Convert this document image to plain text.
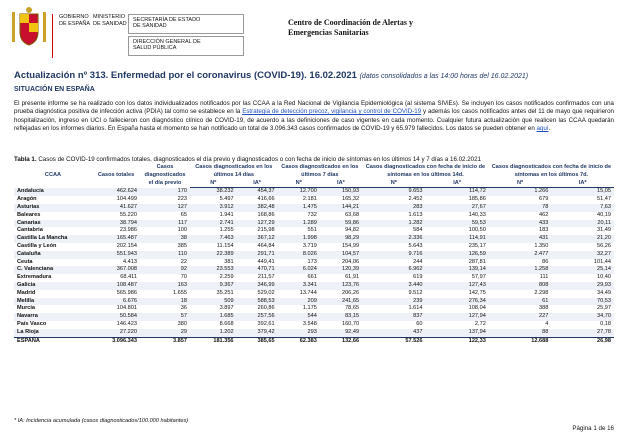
GOBIERNO
DE ESPAÑA
MINISTERIO
DE SANIDAD
SECRETARÍA DE ESTADO
DE SANIDAD
DIRECCIÓN GENERAL DE
SALUD PÚBLICA
Centro de Coordinación de Alertas y
Emergencias Sanitarias
Actualización nº 313. Enfermedad por el coronavirus (COVID-19). 16.02.2021 (datos consolidados a las 14:00 horas del 16.02.2021)
SITUACIÓN EN ESPAÑA
El presente informe se ha realizado con los datos individualizados notificados por las CCAA a la Red Nacional de Vigilancia Epidemiológica (al sistema SIViEs). Se incluyen los casos notificados confirmados con una prueba diagnóstica positiva de infección activa (PDIA) tal como se establece en la Estrategia de detección precoz, vigilancia y control de COVID-19 y además los casos notificados antes del 11 de mayo que requirieron hospitalización, ingreso en UCI o fallecieron con diagnóstico clínico de COVID-19, de acuerdo a las definiciones de caso vigentes en cada momento. Cualquier futura actualización que realicen las CCAA quedarán reflejadas en los informes diarios. En España hasta el momento se han notificado un total de 3.096.343 casos confirmados de COVID-19 y 65.979 fallecidos. Los datos se pueden obtener en aquí.
Tabla 1. Casos de COVID-19 confirmados totales, diagnosticados el día previo y diagnosticados o con fecha de inicio de síntomas en los últimos 14 y 7 días a 16.02.2021
CCAA	Casos totales	Casos diagnosticados el día previo	Casos diagnosticados en los últimos 14 días		Casos diagnosticados en los últimos 7 días		Casos diagnosticados con fecha de inicio de síntomas en los últimos 14d.		Casos diagnosticados con fecha de inicio de síntomas en los últimos 7d.	
			Nº	IA*	Nº	IA*	Nº	IA*	Nº	IA*
Andalucía	462.624	170	38.232	454,37	12.700	150,93	9.653	114,72	1.266	15,05
Aragón	104.499	223	5.497	416,66	2.181	165,32	2.452	185,86	679	51,47
Asturias	41.627	127	3.912	382,48	1.475	144,21	283	27,67	78	7,63
Baleares	55.220	65	1.941	168,86	732	63,68	1.613	140,33	462	40,19
Canarias	38.794	117	2.741	127,29	1.289	59,86	1.282	59,53	433	20,11
Cantabria	23.986	100	1.255	215,98	551	94,82	584	100,50	183	31,49
Castilla La Mancha	165.487	38	7.463	367,12	1.998	98,29	2.336	114,91	431	21,20
Castilla y León	202.154	385	11.154	464,84	3.719	154,99	5.643	235,17	1.350	56,26
Cataluña	551.943	110	22.389	291,71	8.026	104,57	9.716	126,59	2.477	32,27
Ceuta	4.413	22	381	449,41	173	204,06	244	287,81	86	101,44
C. Valenciana	367.008	92	23.553	470,71	6.024	120,39	6.962	139,14	1.258	25,14
Extremadura	68.411	70	2.259	211,57	661	61,91	619	57,97	111	10,40
Galicia	108.487	163	9.367	346,99	3.341	123,76	3.440	127,43	808	29,93
Madrid	565.986	1.655	35.251	529,02	13.744	206,26	9.512	142,75	2.298	34,49
Melilla	6.676	18	509	588,53	209	241,65	239	276,34	61	70,53
Murcia	104.801	36	3.897	260,86	1.175	78,65	1.614	108,04	388	25,97
Navarra	50.584	57	1.685	257,56	544	83,15	837	127,94	227	34,70
País Vasco	146.423	380	8.668	392,61	3.548	160,70	60	2,72	4	0,18
La Rioja	27.220	29	1.202	379,42	293	92,49	437	137,94	88	27,78
ESPAÑA	3.096.343	3.857	181.356	385,65	62.383	132,66	57.526	122,33	12.688	26,98
* IA: Incidencia acumulada (casos diagnosticados/100.000 habitantes)
Página 1 de 16
